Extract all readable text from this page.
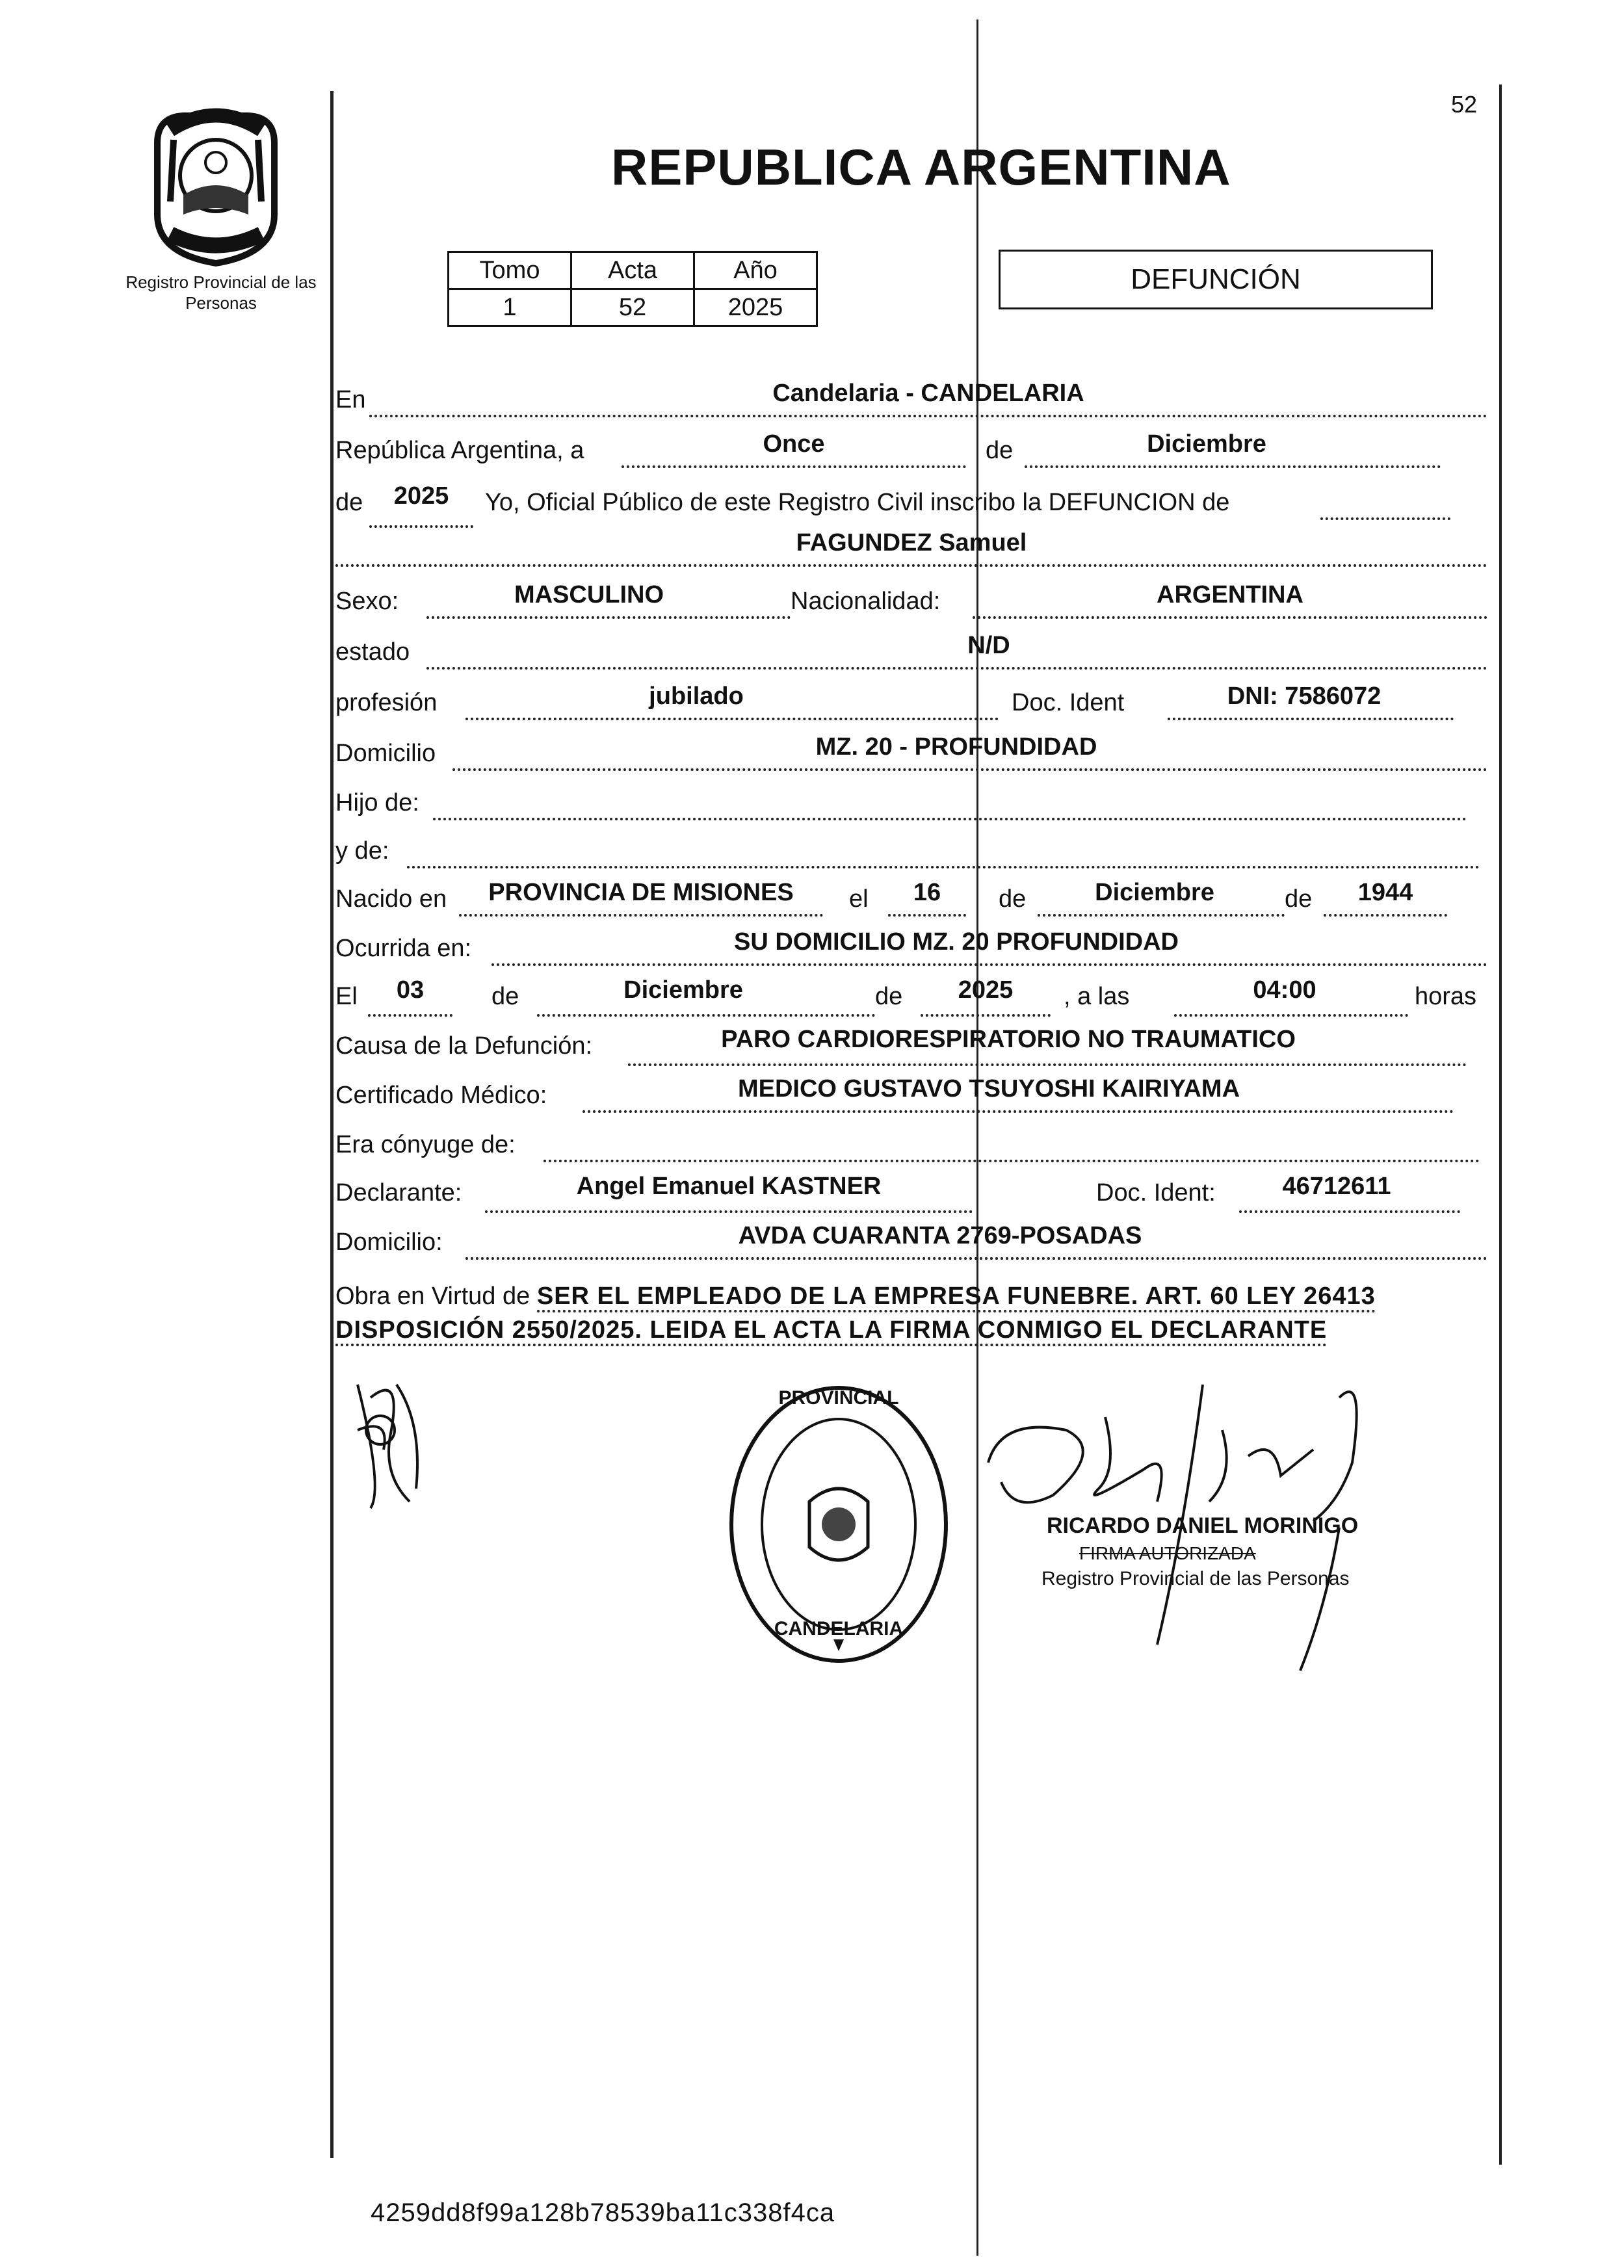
Registro Provincial de las Personas
52
REPUBLICA ARGENTINA
Tomo	Acta	Año
1	52	2025
DEFUNCIÓN
En	Candelaria - CANDELARIA
República Argentina, a	Once	de	Diciembre
de	2025	Yo, Oficial Público de este Registro Civil inscribo la DEFUNCION de
FAGUNDEZ Samuel
Sexo:	MASCULINO	Nacionalidad:	ARGENTINA
estado	N/D
profesión	jubilado	Doc. Ident	DNI: 7586072
Domicilio	MZ. 20 - PROFUNDIDAD
Hijo de:
y de:
Nacido en	PROVINCIA DE MISIONES	el	16	de	Diciembre	de	1944
Ocurrida en:	SU DOMICILIO MZ. 20 PROFUNDIDAD
El	03	de	Diciembre	de	2025	, a las	04:00	horas
Causa de la Defunción:	PARO CARDIORESPIRATORIO NO TRAUMATICO
Certificado Médico:	MEDICO GUSTAVO TSUYOSHI KAIRIYAMA
Era cónyuge de:
Declarante:	Angel Emanuel KASTNER	Doc. Ident:	46712611
Domicilio:	AVDA CUARANTA 2769-POSADAS
Obra en Virtud de SER EL EMPLEADO DE LA EMPRESA FUNEBRE. ART. 60 LEY 26413
DISPOSICIÓN 2550/2025. LEIDA EL ACTA LA FIRMA CONMIGO EL DECLARANTE
PROVINCIAL
CANDELARIA
RICARDO DANIEL MORINIGO
FIRMA AUTORIZADA
Registro Provincial de las Personas
4259dd8f99a128b78539ba11c338f4ca
